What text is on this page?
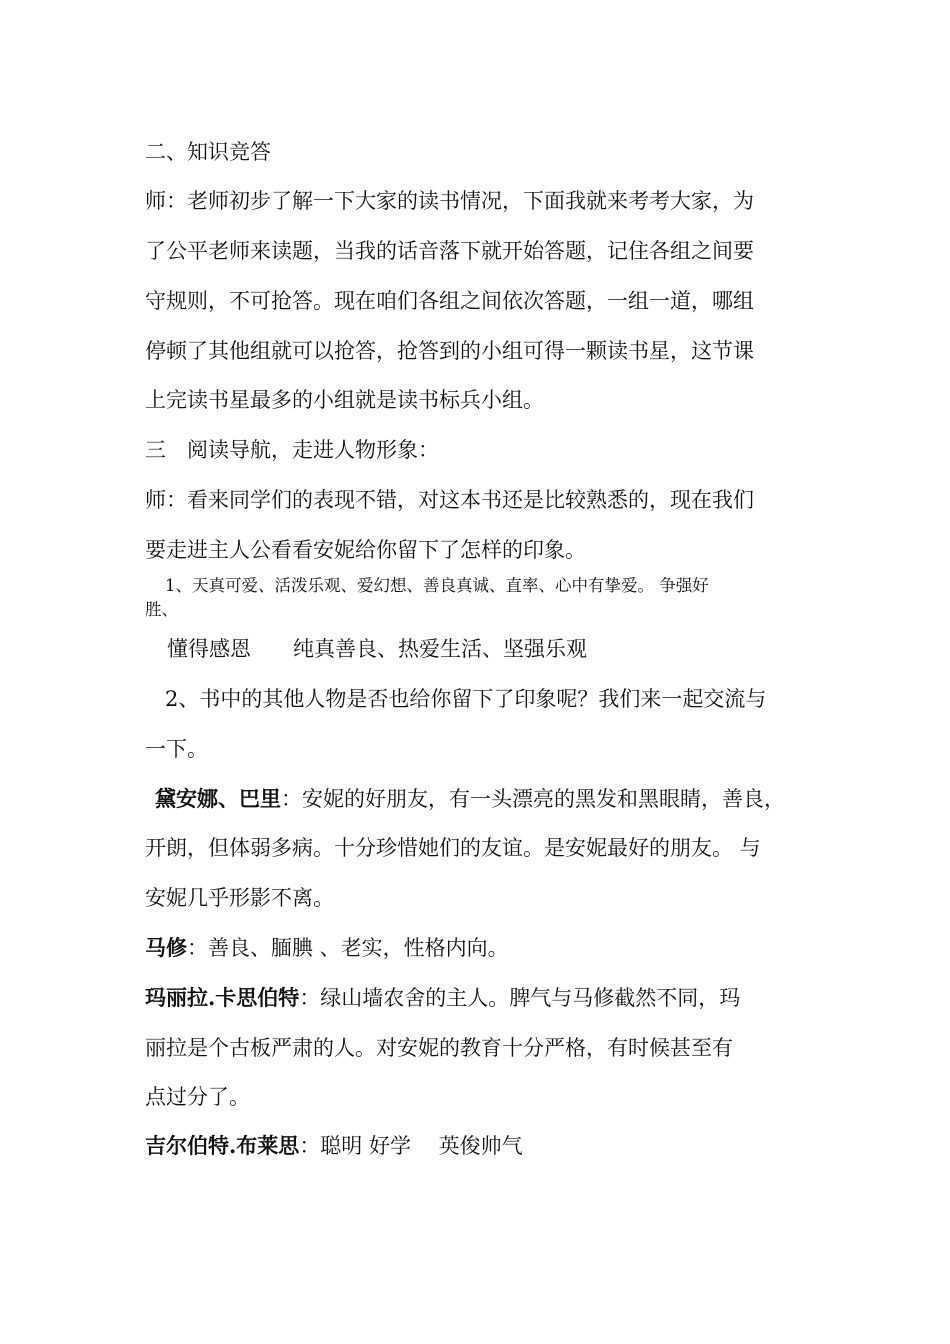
二、知识竞答
师：老师初步了解一下大家的读书情况，下面我就来考考大家，为
了公平老师来读题，当我的话音落下就开始答题，记住各组之间要
守规则，不可抢答。现在咱们各组之间依次答题，一组一道，哪组
停顿了其他组就可以抢答，抢答到的小组可得一颗读书星，这节课
上完读书星最多的小组就是读书标兵小组。
三　阅读导航，走进人物形象：
师：看来同学们的表现不错，对这本书还是比较熟悉的，现在我们
要走进主人公看看安妮给你留下了怎样的印象。
1、天真可爱、活泼乐观、爱幻想、善良真诚、直率、心中有挚爱。 争强好
胜、
懂得感恩　　纯真善良、热爱生活、坚强乐观
2、书中的其他人物是否也给你留下了印象呢？我们来一起交流与
一下。
黛安娜、巴里：安妮的好朋友，有一头漂亮的黑发和黑眼睛，善良，
开朗，但体弱多病。十分珍惜她们的友谊。是安妮最好的朋友。 与
安妮几乎形影不离。
马修：善良、腼腆 、老实，性格内向。
玛丽拉.卡思伯特：绿山墙农舍的主人。脾气与马修截然不同，玛
丽拉是个古板严肃的人。对安妮的教育十分严格，有时候甚至有
点过分了。
吉尔伯特.布莱思：聪明 好学　 英俊帅气
